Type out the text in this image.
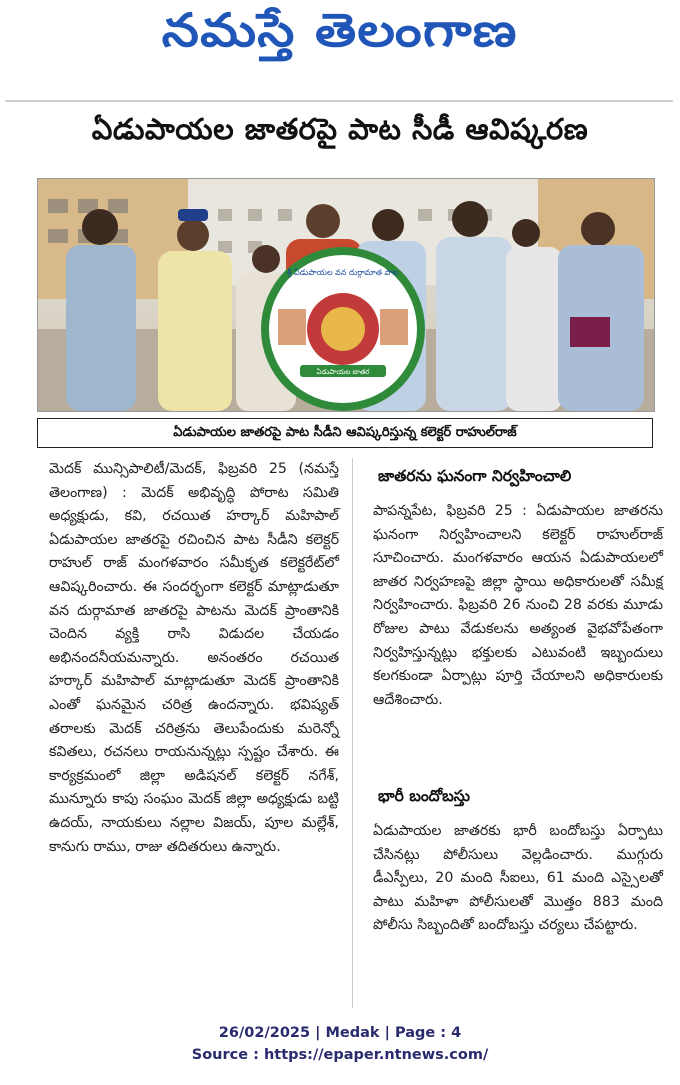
నమస్తే తెలంగాణ
ఏడుపాయల జాతరపై పాట సీడీ ఆవిష్కరణ
శ్రీ ఏడుపాయల వన దుర్గామాత పాట
ఏడుపాయల జాతర
ఏడుపాయల జాతరపై పాట సీడీని ఆవిష్కరిస్తున్న కలెక్టర్ రాహుల్‌రాజ్

మెదక్ మున్సిపాలిటీ/మెదక్, ఫిబ్రవరి 25 (నమస్తే తెలంగాణ) : మెదక్ అభివృద్ధి పోరాట సమితి అధ్యక్షుడు, కవి, రచయిత హర్కార్ మహిపాల్ ఏడుపాయల జాతరపై రచించిన పాట సీడీని కలెక్టర్ రాహుల్ రాజ్ మంగళవారం సమీకృత కలెక్టరేట్‌లో ఆవిష్కరించారు. ఈ సందర్భంగా కలెక్టర్ మాట్లాడుతూ వన దుర్గామాత జాతరపై పాటను మెదక్ ప్రాంతానికి చెందిన వ్యక్తి రాసి విడుదల చేయడం అభినందనీయమన్నారు. అనంతరం రచయిత హర్కార్ మహిపాల్ మాట్లాడుతూ మెదక్ ప్రాంతానికి ఎంతో ఘనమైన చరిత్ర ఉందన్నారు. భవిష్యత్ తరాలకు మెదక్ చరిత్రను తెలుపేందుకు మరెన్నో కవితలు, రచనలు రాయనున్నట్లు స్పష్టం చేశారు. ఈ కార్యక్రమంలో జిల్లా అడిషనల్ కలెక్టర్ నగేశ్, మున్నూరు కాపు సంఘం మెదక్ జిల్లా అధ్యక్షుడు బట్టి ఉదయ్, నాయకులు నల్లాల విజయ్, పూల మల్లేశ్, కానుగు రాము, రాజు తదితరులు ఉన్నారు.

జాతరను ఘనంగా నిర్వహించాలి

పాపన్నపేట, ఫిబ్రవరి 25 : ఏడుపాయల జాతరను ఘనంగా నిర్వహించాలని కలెక్టర్ రాహుల్‌రాజ్ సూచించారు. మంగళవారం ఆయన ఏడుపాయలలో జాతర నిర్వహణపై జిల్లా స్థాయి అధికారులతో సమీక్ష నిర్వహించారు. ఫిబ్రవరి 26 నుంచి 28 వరకు మూడు రోజుల పాటు వేడుకలను అత్యంత వైభవోపేతంగా నిర్వహిస్తున్నట్లు భక్తులకు ఎటువంటి ఇబ్బందులు కలగకుండా ఏర్పాట్లు పూర్తి చేయాలని అధికారులకు ఆదేశించారు.

భారీ బందోబస్తు

ఏడుపాయల జాతరకు భారీ బందోబస్తు ఏర్పాటు చేసినట్లు పోలీసులు వెల్లడించారు. ముగ్గురు డీఎస్పీలు, 20 మంది సీఐలు, 61 మంది ఎస్సైలతో పాటు మహిళా పోలీసులతో మొత్తం 883 మంది పోలీసు సిబ్బందితో బందోబస్తు చర్యలు చేపట్టారు.

26/02/2025 | Medak | Page : 4
Source : https://epaper.ntnews.com/
